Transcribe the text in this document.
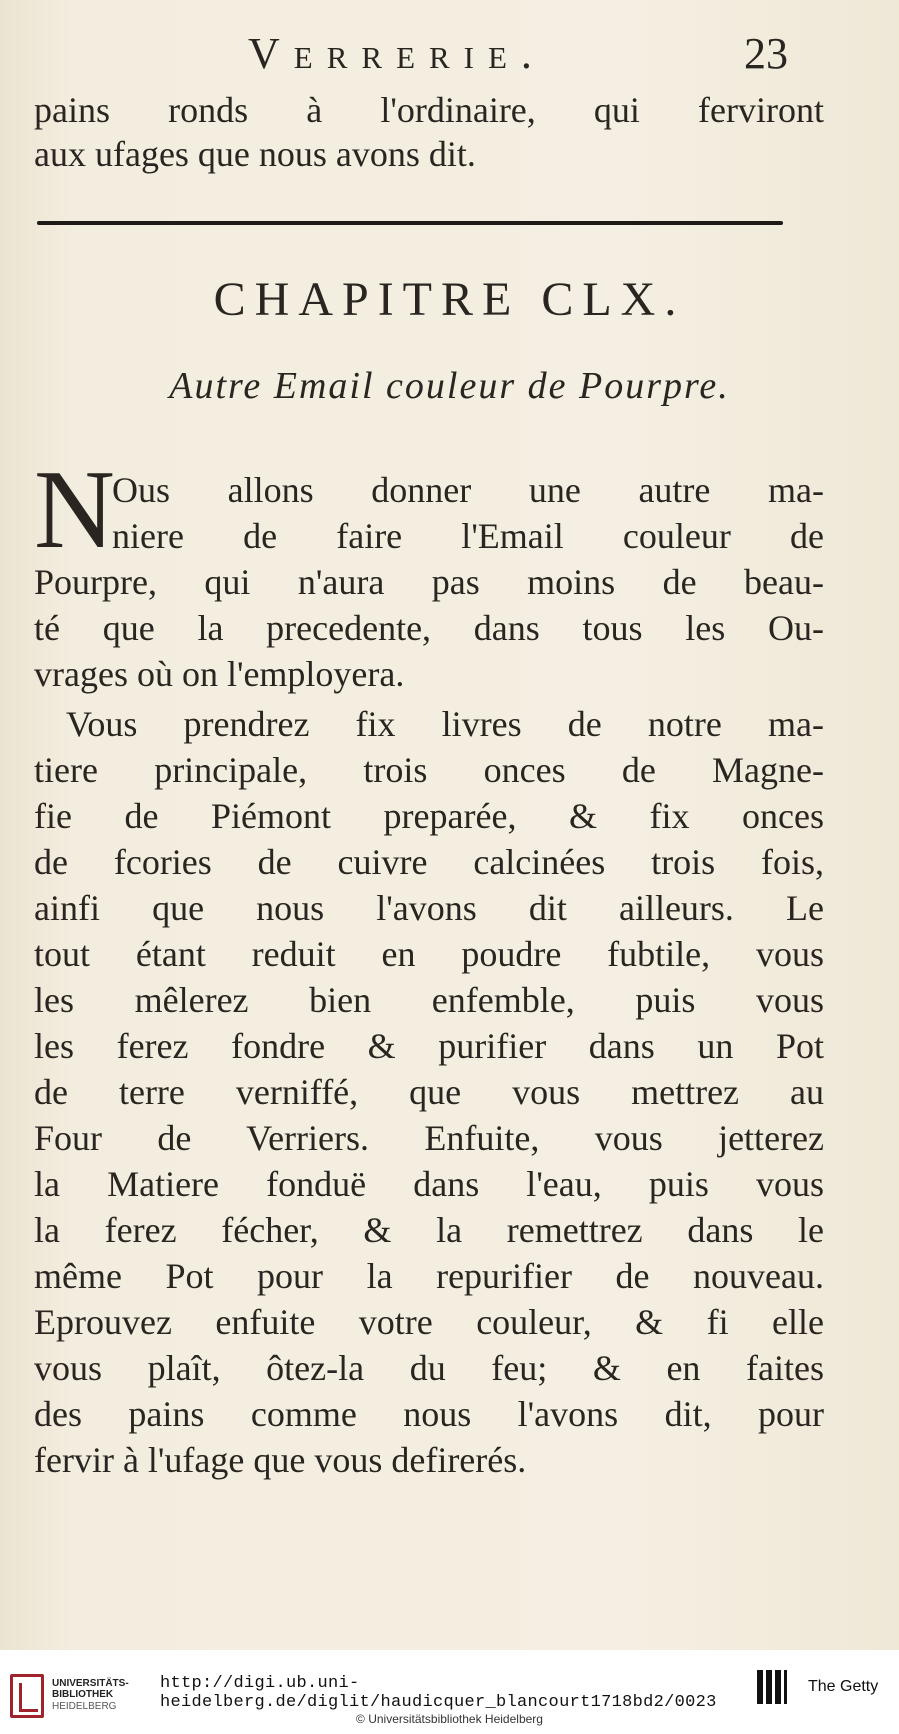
Verrerie.	23
pains ronds à l'ordinaire, qui ferviront
aux ufages que nous avons dit.
CHAPITRE CLX.
Autre Email couleur de Pourpre.
N
Ous allons donner une autre ma-
niere de faire l'Email couleur de
Pourpre, qui n'aura pas moins de beau-
té que la precedente, dans tous les Ou-
vrages où on l'employera.
Vous prendrez fix livres de notre ma-
tiere principale, trois onces de Magne-
fie de Piémont preparée, & fix onces
de fcories de cuivre calcinées trois fois,
ainfi que nous l'avons dit ailleurs. Le
tout étant reduit en poudre fubtile, vous
les mêlerez bien enfemble, puis vous
les ferez fondre & purifier dans un Pot
de terre verniffé, que vous mettrez au
Four de Verriers. Enfuite, vous jetterez
la Matiere fonduë dans l'eau, puis vous
la ferez fécher, & la remettrez dans le
même Pot pour la repurifier de nouveau.
Eprouvez enfuite votre couleur, & fi elle
vous plaît, ôtez-la du feu; & en faites
des pains comme nous l'avons dit, pour
fervir à l'ufage que vous defirerés.
UNIVERSITÄTS-
BIBLIOTHEK
HEIDELBERG
http://digi.ub.uni-heidelberg.de/diglit/haudicquer_blancourt1718bd2/0023
© Universitätsbibliothek Heidelberg
The Getty
